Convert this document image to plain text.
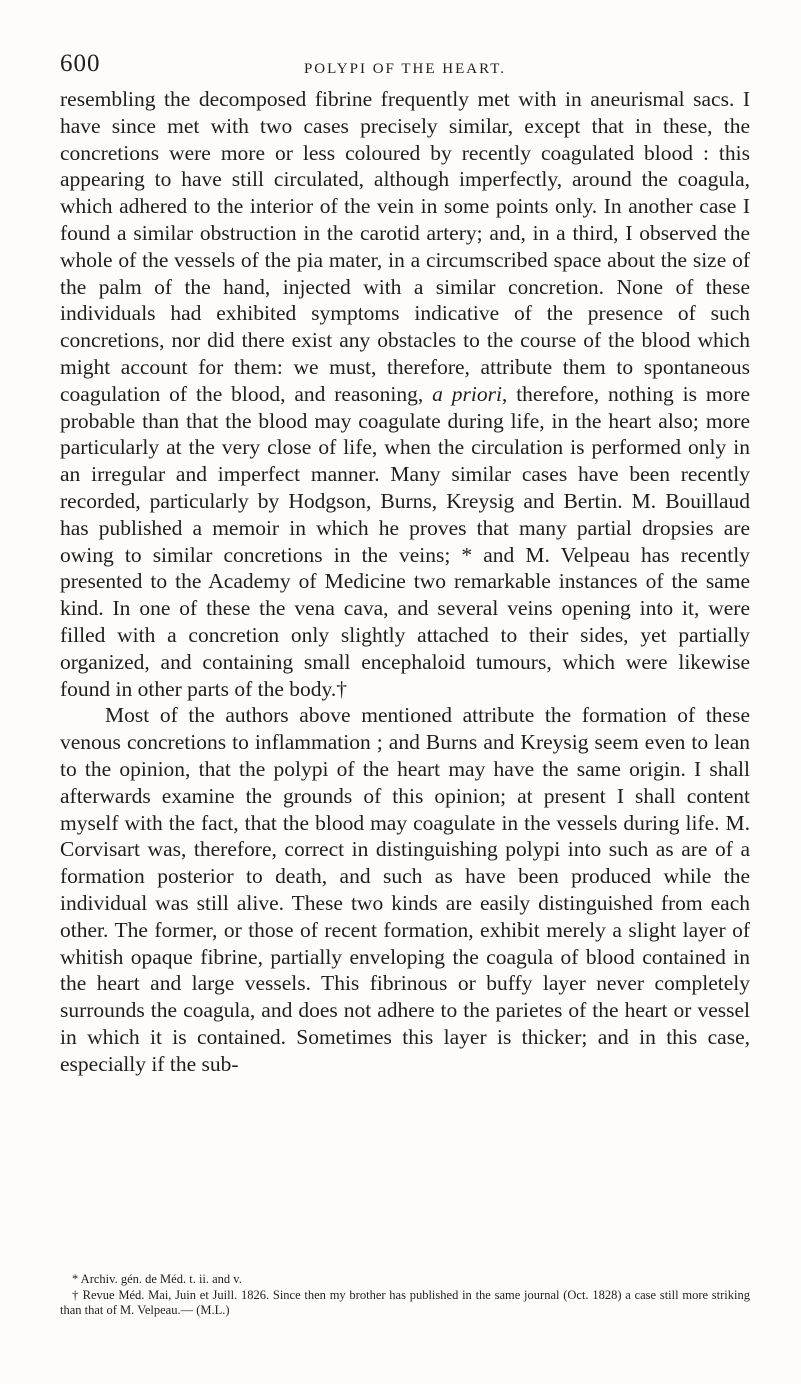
600	POLYPI OF THE HEART.

resembling the decomposed fibrine frequently met with in aneurismal sacs. I have since met with two cases precisely similar, except that in these, the concretions were more or less coloured by recently coagulated blood : this appearing to have still circulated, although imperfectly, around the coagula, which adhered to the interior of the vein in some points only. In another case I found a similar obstruction in the carotid artery; and, in a third, I observed the whole of the vessels of the pia mater, in a circumscribed space about the size of the palm of the hand, injected with a similar concretion. None of these individuals had exhibited symptoms indicative of the presence of such concretions, nor did there exist any obstacles to the course of the blood which might account for them: we must, therefore, attribute them to spontaneous coagulation of the blood, and reasoning, a priori, therefore, nothing is more probable than that the blood may coagulate during life, in the heart also; more particularly at the very close of life, when the circulation is performed only in an irregular and imperfect manner. Many similar cases have been recently recorded, particularly by Hodgson, Burns, Kreysig and Bertin. M. Bouillaud has published a memoir in which he proves that many partial dropsies are owing to similar concretions in the veins; * and M. Velpeau has recently presented to the Academy of Medicine two remarkable instances of the same kind. In one of these the vena cava, and several veins opening into it, were filled with a concretion only slightly attached to their sides, yet partially organized, and containing small encephaloid tumours, which were likewise found in other parts of the body.†

Most of the authors above mentioned attribute the formation of these venous concretions to inflammation ; and Burns and Kreysig seem even to lean to the opinion, that the polypi of the heart may have the same origin. I shall afterwards examine the grounds of this opinion; at present I shall content myself with the fact, that the blood may coagulate in the vessels during life. M. Corvisart was, therefore, correct in distinguishing polypi into such as are of a formation posterior to death, and such as have been produced while the individual was still alive. These two kinds are easily distinguished from each other. The former, or those of recent formation, exhibit merely a slight layer of whitish opaque fibrine, partially enveloping the coagula of blood contained in the heart and large vessels. This fibrinous or buffy layer never completely surrounds the coagula, and does not adhere to the parietes of the heart or vessel in which it is contained. Sometimes this layer is thicker; and in this case, especially if the sub-

* Archiv. gén. de Méd. t. ii. and v.

† Revue Méd. Mai, Juin et Juill. 1826. Since then my brother has published in the same journal (Oct. 1828) a case still more striking than that of M. Velpeau.— (M.L.)
